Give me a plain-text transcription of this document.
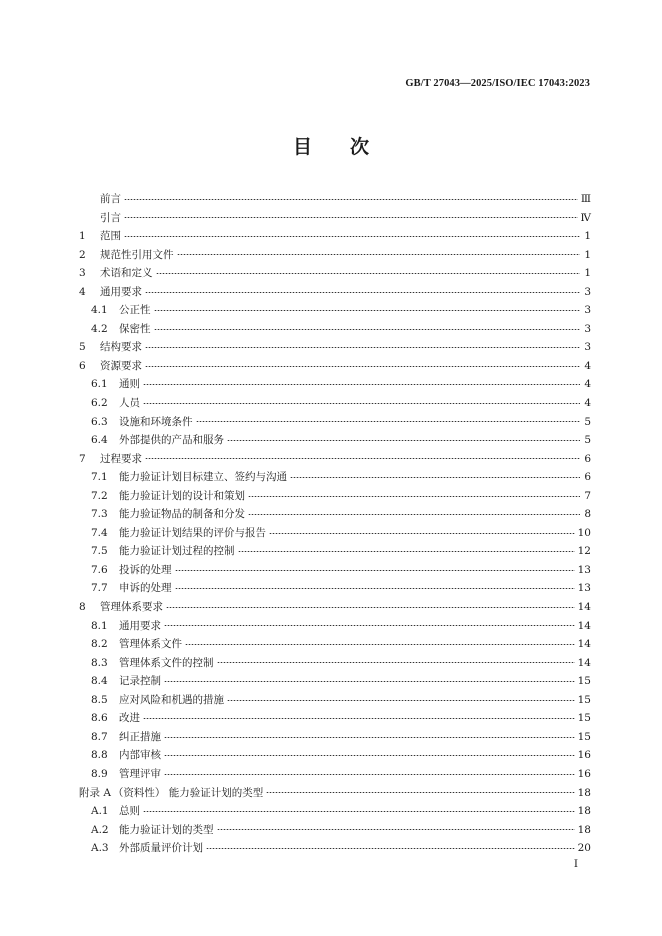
GB/T 27043—2025/ISO/IEC 17043:2023
目次
前言	Ⅲ
引言	Ⅳ
1	范围	1
2	规范性引用文件	1
3	术语和定义	1
4	通用要求	3
4.1	公正性	3
4.2	保密性	3
5	结构要求	3
6	资源要求	4
6.1	通则	4
6.2	人员	4
6.3	设施和环境条件	5
6.4	外部提供的产品和服务	5
7	过程要求	6
7.1	能力验证计划目标建立、签约与沟通	6
7.2	能力验证计划的设计和策划	7
7.3	能力验证物品的制备和分发	8
7.4	能力验证计划结果的评价与报告	10
7.5	能力验证计划过程的控制	12
7.6	投诉的处理	13
7.7	申诉的处理	13
8	管理体系要求	14
8.1	通用要求	14
8.2	管理体系文件	14
8.3	管理体系文件的控制	14
8.4	记录控制	15
8.5	应对风险和机遇的措施	15
8.6	改进	15
8.7	纠正措施	15
8.8	内部审核	16
8.9	管理评审	16
附录 A （资料性） 能力验证计划的类型	18
A.1 总则	18
A.2 能力验证计划的类型	18
A.3 外部质量评价计划	20
I
